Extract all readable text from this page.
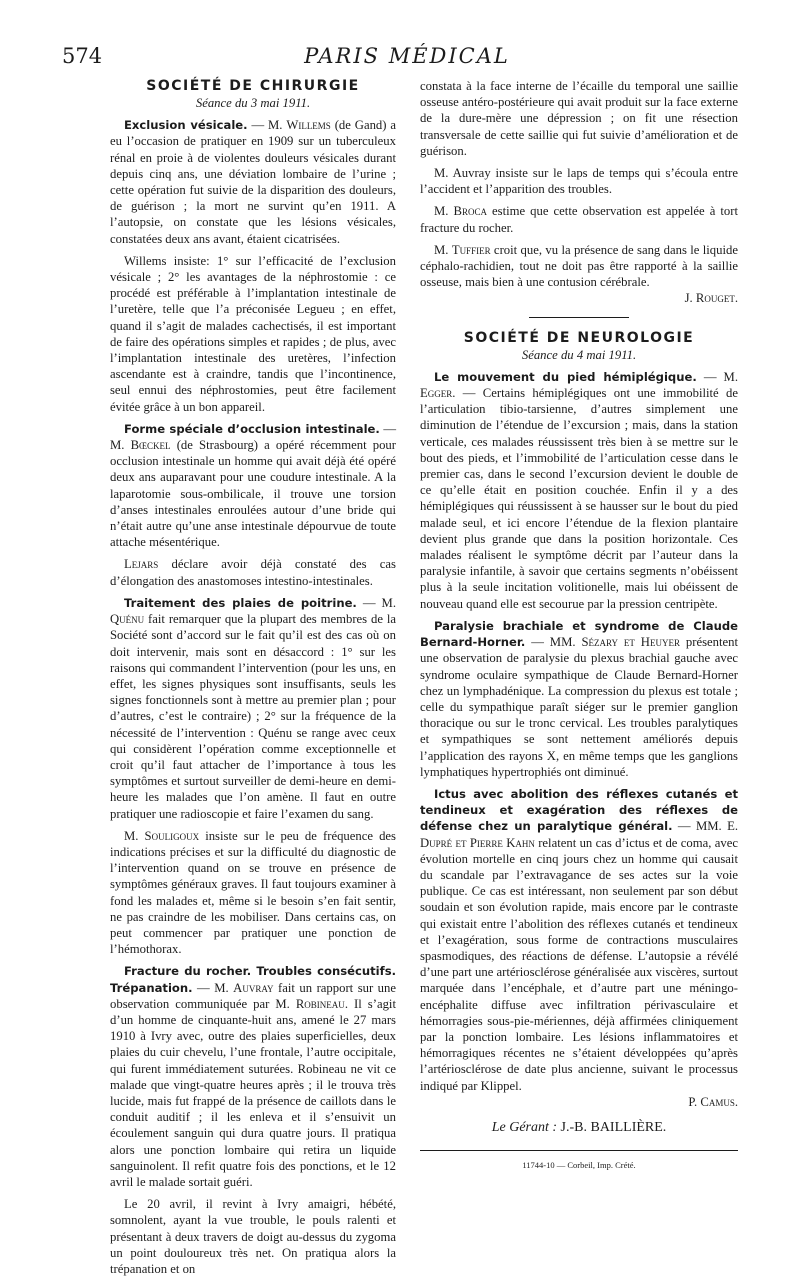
574	PARIS MÉDICAL
SOCIÉTÉ DE CHIRURGIE
Séance du 3 mai 1911.

Exclusion vésicale. — M. Willems (de Gand) a eu l’occasion de pratiquer en 1909 sur un tuberculeux rénal en proie à de violentes douleurs vésicales durant depuis cinq ans, une déviation lombaire de l’urine ; cette opération fut suivie de la disparition des douleurs, de guérison ; la mort ne survint qu’en 1911. A l’autopsie, on constate que les lésions vésicales, constatées deux ans avant, étaient cicatrisées.

Willems insiste: 1° sur l’efficacité de l’exclusion vésicale ; 2° les avantages de la néphrostomie : ce procédé est préférable à l’implantation intestinale de l’uretère, telle que l’a préconisée Legueu ; en effet, quand il s’agit de malades cachectisés, il est important de faire des opérations simples et rapides ; de plus, avec l’implantation intestinale des uretères, l’infection ascendante est à craindre, tandis que l’incontinence, seul ennui des néphrostomies, peut être facilement évitée grâce à un bon appareil.

Forme spéciale d’occlusion intestinale. — M. Bœckel (de Strasbourg) a opéré récemment pour occlusion intestinale un homme qui avait déjà été opéré deux ans auparavant pour une coudure intestinale. A la laparotomie sous-ombilicale, il trouve une torsion d’anses intestinales enroulées autour d’une bride qui n’était autre qu’une anse intestinale dépourvue de toute attache mésentérique.

Lejars déclare avoir déjà constaté des cas d’élongation des anastomoses intestino-intestinales.

Traitement des plaies de poitrine. — M. Quénu fait remarquer que la plupart des membres de la Société sont d’accord sur le fait qu’il est des cas où on doit intervenir, mais sont en désaccord : 1° sur les raisons qui commandent l’intervention (pour les uns, en effet, les signes physiques sont insuffisants, seuls les signes fonctionnels sont à mettre au premier plan ; pour d’autres, c’est le contraire) ; 2° sur la fréquence de la nécessité de l’intervention : Quénu se range avec ceux qui considèrent l’opération comme exceptionnelle et croit qu’il faut attacher de l’importance à tous les symptômes et surtout surveiller de demi-heure en demi-heure les malades que l’on amène. Il faut en outre pratiquer une radioscopie et faire l’examen du sang.

M. Souligoux insiste sur le peu de fréquence des indications précises et sur la difficulté du diagnostic de l’intervention quand on se trouve en présence de symptômes généraux graves. Il faut toujours examiner à fond les malades et, même si le besoin s’en fait sentir, ne pas craindre de les mobiliser. Dans certains cas, on peut commencer par pratiquer une ponction de l’hémothorax.

Fracture du rocher. Troubles consécutifs. Trépanation. — M. Auvray fait un rapport sur une observation communiquée par M. Robineau. Il s’agit d’un homme de cinquante-huit ans, amené le 27 mars 1910 à Ivry avec, outre des plaies superficielles, deux plaies du cuir chevelu, l’une frontale, l’autre occipitale, qui furent immédiatement suturées. Robineau ne vit ce malade que vingt-quatre heures après ; il le trouva très lucide, mais fut frappé de la présence de caillots dans le conduit auditif ; il les enleva et il s’ensuivit un écoulement sanguin qui dura quatre jours. Il pratiqua alors une ponction lombaire qui retira un liquide sanguinolent. Il refit quatre fois des ponctions, et le 12 avril le malade sortait guéri.

Le 20 avril, il revint à Ivry amaigri, hébété, somnolent, ayant la vue trouble, le pouls ralenti et présentant à deux travers de doigt au-dessus du zygoma un point douloureux très net. On pratiqua alors la trépanation et on

constata à la face interne de l’écaille du temporal une saillie osseuse antéro-postérieure qui avait produit sur la face externe de la dure-mère une dépression ; on fit une résection transversale de cette saillie qui fut suivie d’amélioration et de guérison.

M. Auvray insiste sur le laps de temps qui s’écoula entre l’accident et l’apparition des troubles.

M. Broca estime que cette observation est appelée à tort fracture du rocher.

M. Tuffier croit que, vu la présence de sang dans le liquide céphalo-rachidien, tout ne doit pas être rapporté à la saillie osseuse, mais bien à une contusion cérébrale.

J. Rouget.
SOCIÉTÉ DE NEUROLOGIE
Séance du 4 mai 1911.

Le mouvement du pied hémiplégique. — M. Egger. — Certains hémiplégiques ont une immobilité de l’articulation tibio-tarsienne, d’autres simplement une diminution de l’étendue de l’excursion ; mais, dans la station verticale, ces malades réussissent très bien à se mettre sur le bout des pieds, et l’immobilité de l’articulation cesse dans le premier cas, dans le second l’excursion devient le double de ce qu’elle était en position couchée. Enfin il y a des hémiplégiques qui réussissent à se hausser sur le bout du pied malade seul, et ici encore l’étendue de la flexion plantaire devient plus grande que dans la position horizontale. Ces malades réalisent le symptôme décrit par l’auteur dans la paralysie infantile, à savoir que certains segments n’obéissent plus à la seule incitation volitionelle, mais lui obéissent de nouveau quand elle est secourue par la pression centripète.

Paralysie brachiale et syndrome de Claude Bernard-Horner. — MM. Sézary et Heuyer présentent une observation de paralysie du plexus brachial gauche avec syndrome oculaire sympathique de Claude Bernard-Horner chez un lymphadénique. La compression du plexus est totale ; celle du sympathique paraît siéger sur le premier ganglion thoracique ou sur le tronc cervical. Les troubles paralytiques et sympathiques se sont nettement améliorés depuis l’application des rayons X, en même temps que les ganglions lymphatiques hypertrophiés ont diminué.

Ictus avec abolition des réflexes cutanés et tendineux et exagération des réflexes de défense chez un paralytique général. — MM. E. Dupré et Pierre Kahn relatent un cas d’ictus et de coma, avec évolution mortelle en cinq jours chez un homme qui causait du scandale par l’extravagance de ses actes sur la voie publique. Ce cas est intéressant, non seulement par son début soudain et son évolution rapide, mais encore par le contraste qui existait entre l’abolition des réflexes cutanés et tendineux et l’exagération, sous forme de contractions musculaires spasmodiques, des réactions de défense. L’autopsie a révélé d’une part une artériosclérose généralisée aux viscères, surtout marquée dans l’encéphale, et d’autre part une méningo-encéphalite diffuse avec infiltration périvasculaire et hémorragies sous-pie-mériennes, déjà affirmées cliniquement par la ponction lombaire. Les lésions inflammatoires et hémorragiques récentes ne s’étaient développées qu’après l’artériosclérose de date plus ancienne, suivant le processus indiqué par Klippel.

P. Camus.
Le Gérant : J.-B. BAILLIÈRE.
11744-10 — Corbeil, Imp. Crété.
